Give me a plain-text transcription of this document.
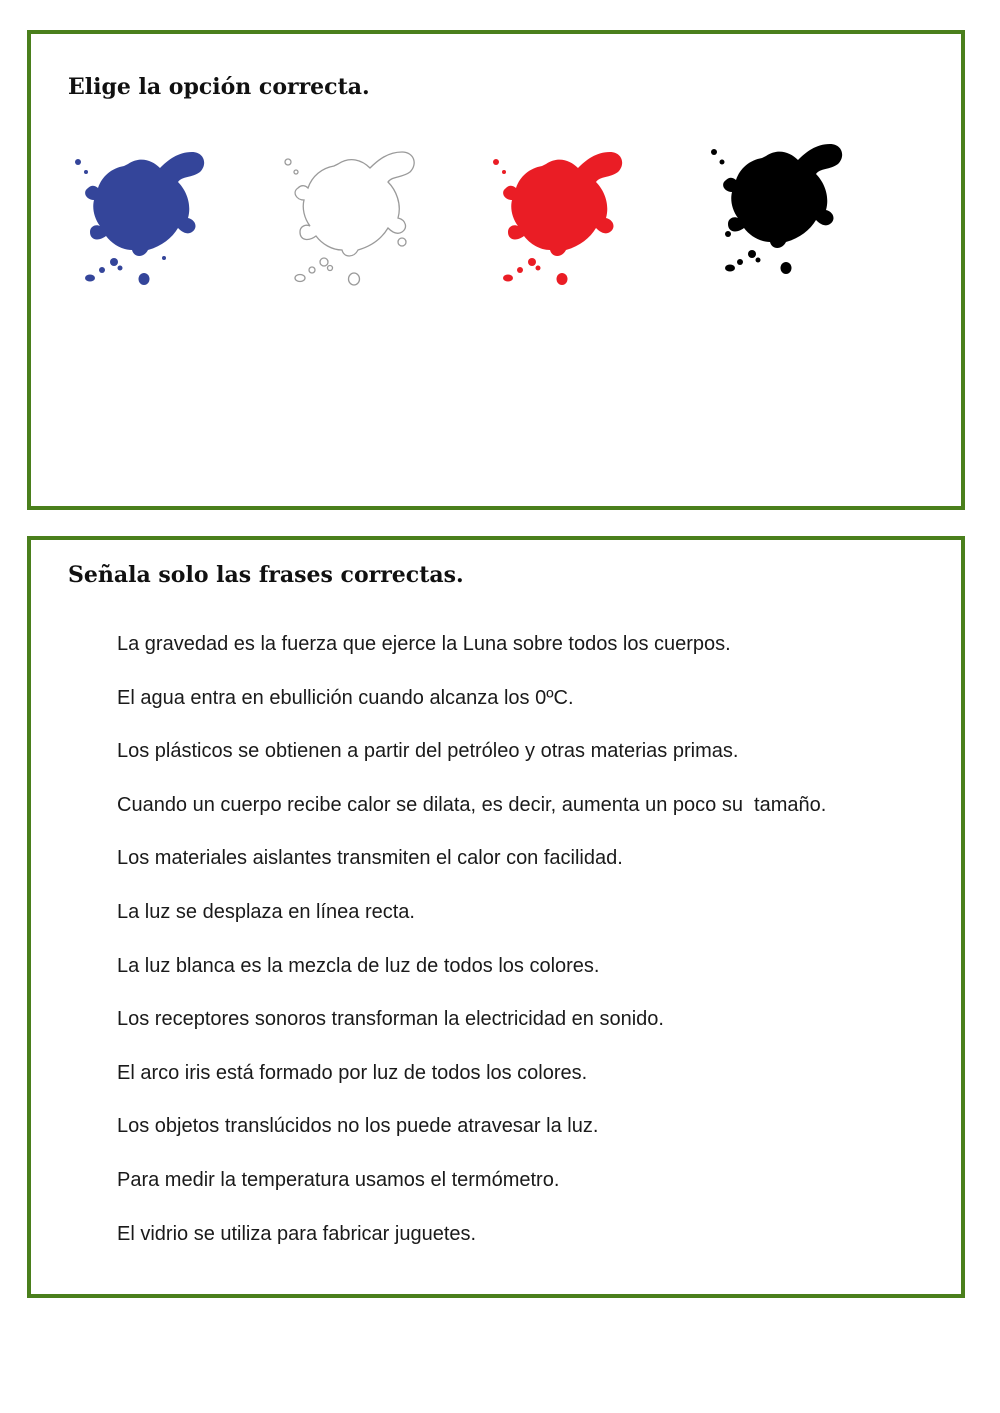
Elige la opción correcta.
Señala solo las frases correctas.
La gravedad es la fuerza que ejerce la Luna sobre todos los cuerpos.
El agua entra en ebullición cuando alcanza los 0ºC.
Los plásticos se obtienen a partir del petróleo y otras materias primas.
Cuando un cuerpo recibe calor se dilata, es decir, aumenta un poco su  tamaño.
Los materiales aislantes transmiten el calor con facilidad.
La luz se desplaza en línea recta.
La luz blanca es la mezcla de luz de todos los colores.
Los receptores sonoros transforman la electricidad en sonido.
El arco iris está formado por luz de todos los colores.
Los objetos translúcidos no los puede atravesar la luz.
Para medir la temperatura usamos el termómetro.
El vidrio se utiliza para fabricar juguetes.
